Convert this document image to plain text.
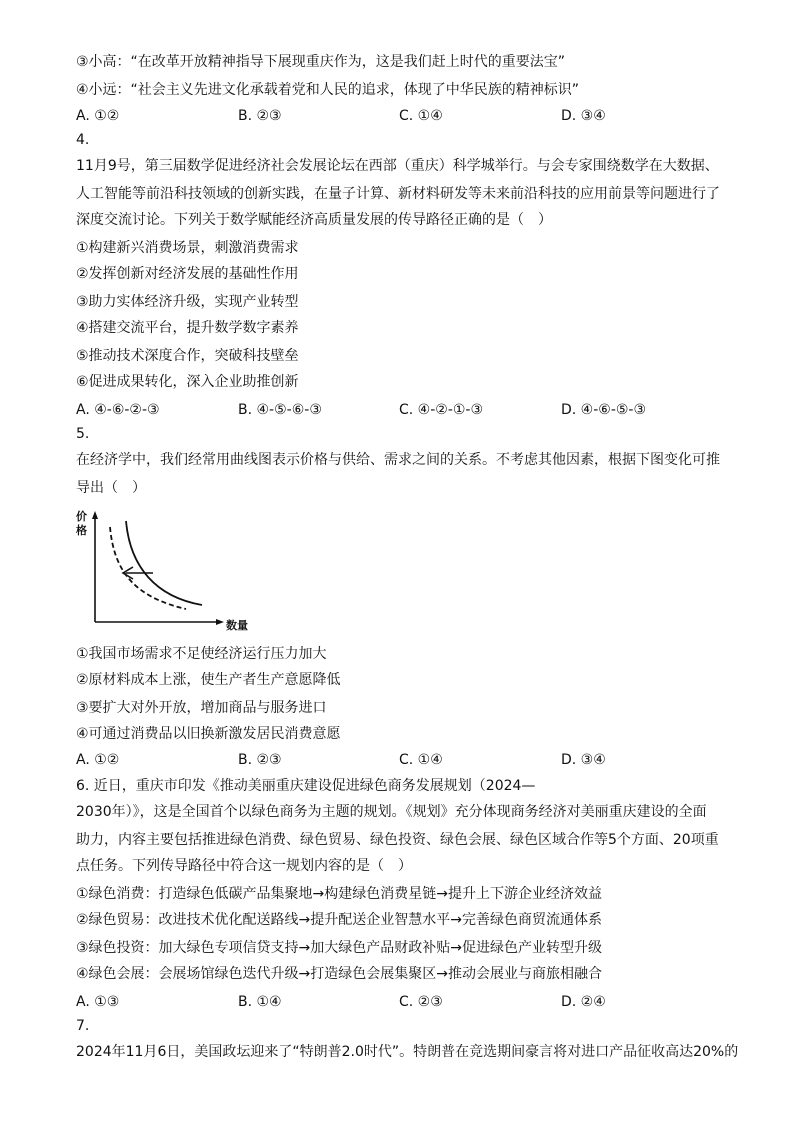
③小高：“在改革开放精神指导下展现重庆作为，这是我们赶上时代的重要法宝”
④小远：“社会主义先进文化承载着党和人民的追求，体现了中华民族的精神标识”
A. ①②	B. ②③	C. ①④	D. ③④
4.
11月9号，第三届数学促进经济社会发展论坛在西部（重庆）科学城举行。与会专家围绕数学在大数据、
人工智能等前沿科技领域的创新实践，在量子计算、新材料研发等未来前沿科技的应用前景等问题进行了
深度交流讨论。下列关于数学赋能经济高质量发展的传导路径正确的是（　）
①构建新兴消费场景，刺激消费需求
②发挥创新对经济发展的基础性作用
③助力实体经济升级，实现产业转型
④搭建交流平台，提升数学数字素养
⑤推动技术深度合作，突破科技壁垒
⑥促进成果转化，深入企业助推创新
A. ④-⑥-②-③	B. ④-⑤-⑥-③	C. ④-②-①-③	D. ④-⑥-⑤-③
5.
在经济学中，我们经常用曲线图表示价格与供给、需求之间的关系。不考虑其他因素，根据下图变化可推
导出（　）
价
格
数量
①我国市场需求不足使经济运行压力加大
②原材料成本上涨，使生产者生产意愿降低
③要扩大对外开放，增加商品与服务进口
④可通过消费品以旧换新激发居民消费意愿
A. ①②	B. ②③	C. ①④	D. ③④
6. 近日，重庆市印发《推动美丽重庆建设促进绿色商务发展规划（2024—
2030年）》，这是全国首个以绿色商务为主题的规划。《规划》充分体现商务经济对美丽重庆建设的全面
助力，内容主要包括推进绿色消费、绿色贸易、绿色投资、绿色会展、绿色区域合作等5个方面、20项重
点任务。下列传导路径中符合这一规划内容的是（　）
①绿色消费：打造绿色低碳产品集聚地→构建绿色消费星链→提升上下游企业经济效益
②绿色贸易：改进技术优化配送路线→提升配送企业智慧水平→完善绿色商贸流通体系
③绿色投资：加大绿色专项信贷支持→加大绿色产品财政补贴→促进绿色产业转型升级
④绿色会展：会展场馆绿色迭代升级→打造绿色会展集聚区→推动会展业与商旅相融合
A. ①③	B. ①④	C. ②③	D. ②④
7.
2024年11月6日，美国政坛迎来了“特朗普2.0时代”。特朗普在竞选期间豪言将对进口产品征收高达20%的
